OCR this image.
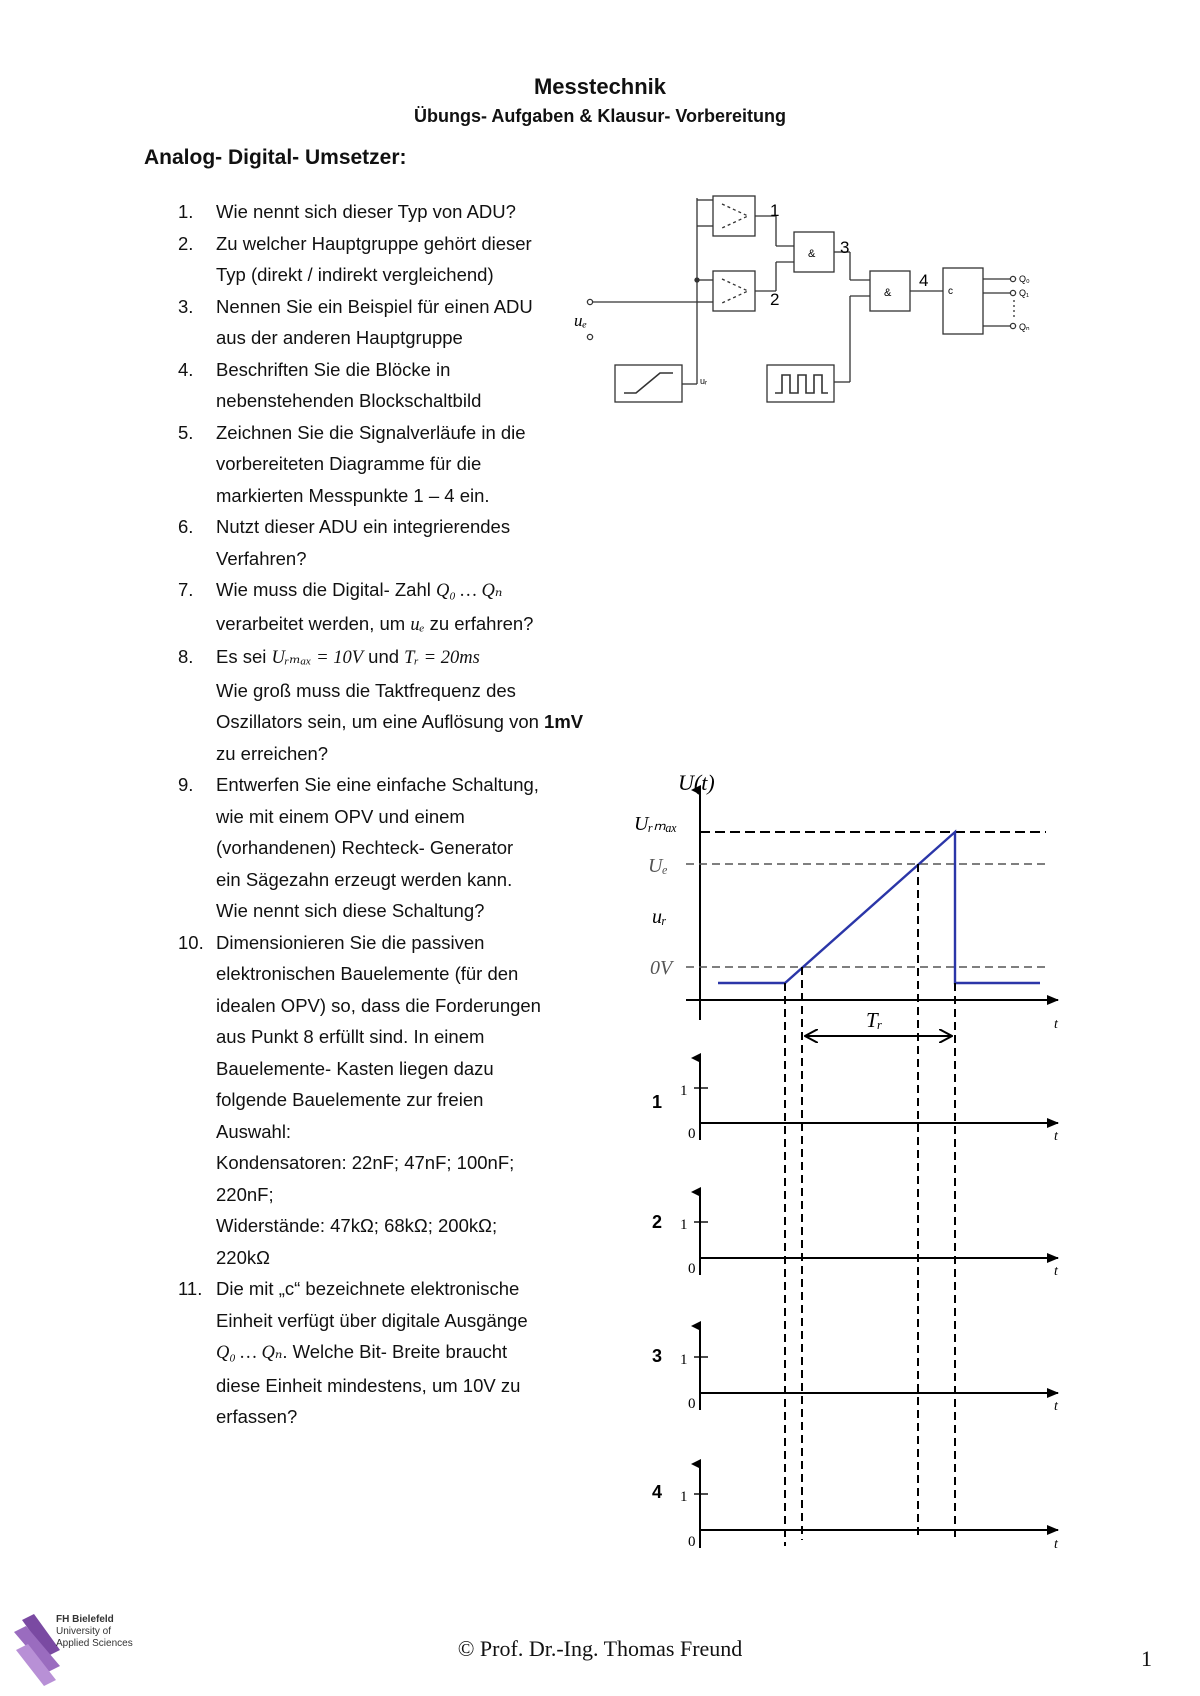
Messtechnik
Übungs- Aufgaben & Klausur- Vorbereitung
Analog- Digital- Umsetzer:
1. Wie nennt sich dieser Typ von ADU?
2. Zu welcher Hauptgruppe gehört dieser
Typ (direkt / indirekt vergleichend)
3. Nennen Sie ein Beispiel für einen ADU
aus der anderen Hauptgruppe
4. Beschriften Sie die Blöcke in
nebenstehenden Blockschaltbild
5. Zeichnen Sie die Signalverläufe in die
vorbereiteten Diagramme für die
markierten Messpunkte 1 – 4 ein.
6. Nutzt dieser ADU ein integrierendes
Verfahren?
7. Wie muss die Digital- Zahl Q₀ … Qₙ
verarbeitet werden, um uₑ zu erfahren?
8. Es sei Uᵣₘₐₓ = 10V und Tᵣ = 20ms
Wie groß muss die Taktfrequenz des
Oszillators sein, um eine Auflösung von 1mV
zu erreichen?
9. Entwerfen Sie eine einfache Schaltung,
wie mit einem OPV und einem
(vorhandenen) Rechteck- Generator
ein Sägezahn erzeugt werden kann.
Wie nennt sich diese Schaltung?
10. Dimensionieren Sie die passiven
elektronischen Bauelemente (für den
idealen OPV) so, dass die Forderungen
aus Punkt 8 erfüllt sind. In einem
Bauelemente- Kasten liegen dazu
folgende Bauelemente zur freien
Auswahl:
Kondensatoren: 22nF; 47nF; 100nF;
220nF;
Widerstände: 47kΩ; 68kΩ; 200kΩ;
220kΩ
11. Die mit „c“ bezeichnete elektronische
Einheit verfügt über digitale Ausgänge
Q₀ … Qₙ. Welche Bit- Breite braucht
diese Einheit mindestens, um 10V zu
erfassen?
1
2
3
4
&
&	c
uₑ
uᵣ
Q₀
Q₁
Qₙ
U(t)
Uᵣₘₐₓ
Uₑ
uᵣ
0V
t
Tᵣ
1
1
0	t
2 1
0	t
3 1
0	t
4 1
0	t
FH Bielefeld
University of
Applied Sciences	© Prof. Dr.-Ing. Thomas Freund	1
